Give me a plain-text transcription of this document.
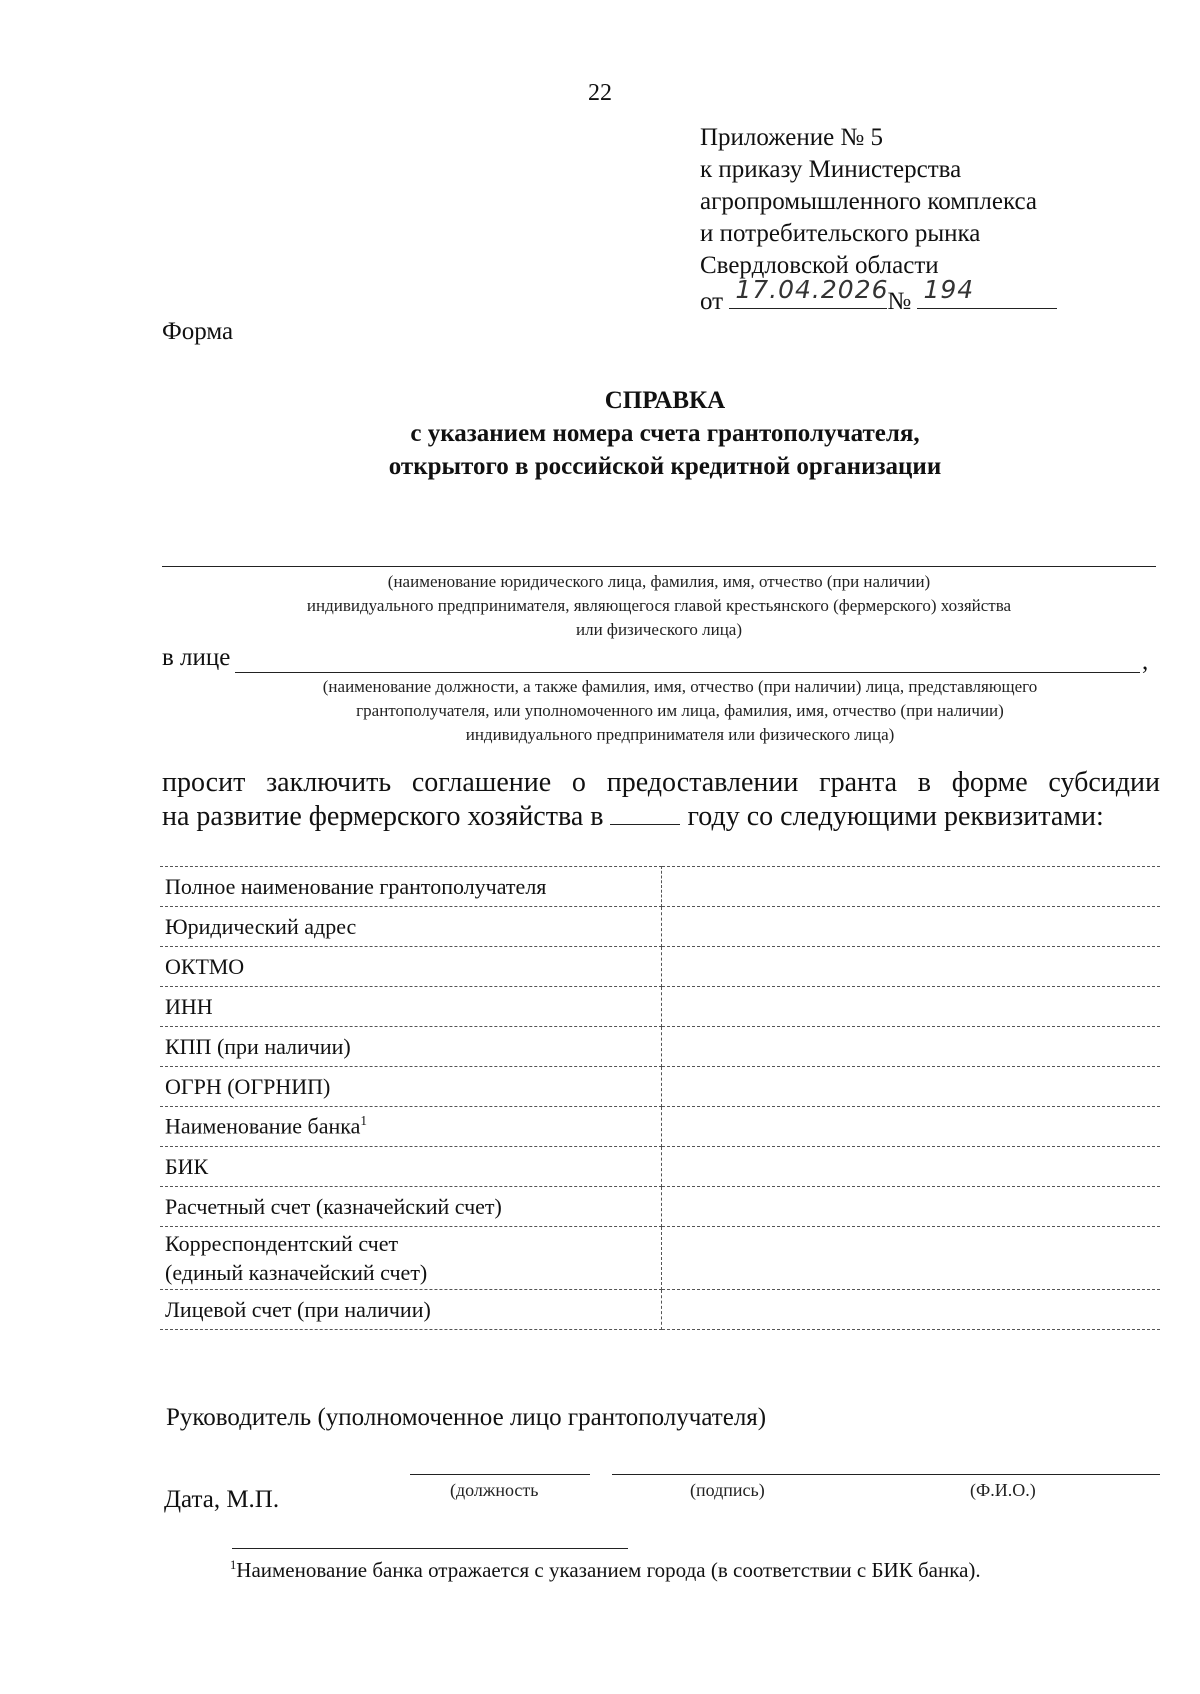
22
Приложение № 5
к приказу Министерства
агропромышленного комплекса
и потребительского рынка
Свердловской области
от 17.04.2026
№ 194
Форма
СПРАВКА
с указанием номера счета грантополучателя,
открытого в российской кредитной организации
(наименование юридического лица, фамилия, имя, отчество (при наличии)
индивидуального предпринимателя, являющегося главой крестьянского (фермерского) хозяйства
или физического лица)
в лице	,
(наименование должности, а также фамилия, имя, отчество (при наличии) лица, представляющего
грантополучателя, или уполномоченного им лица, фамилия, имя, отчество (при наличии)
индивидуального предпринимателя или физического лица)
просит заключить соглашение о предоставлении гранта в форме субсидии
на развитие фермерского хозяйства в	году со следующими реквизитами:
Полное наименование грантополучателя	
Юридический адрес	
ОКТМО	
ИНН	
КПП (при наличии)	
ОГРН (ОГРНИП)	
Наименование банка$^1$	
БИК	
Расчетный счет (казначейский счет)	

Корреспондентский счет
(единый казначейский счет)	

Лицевой счет (при наличии)	
Руководитель (уполномоченное лицо грантополучателя)
Дата, М.П.	(должность	(подпись)	(Ф.И.О.)
$^1$Наименование банка отражается с указанием города (в соответствии с БИК банка).
